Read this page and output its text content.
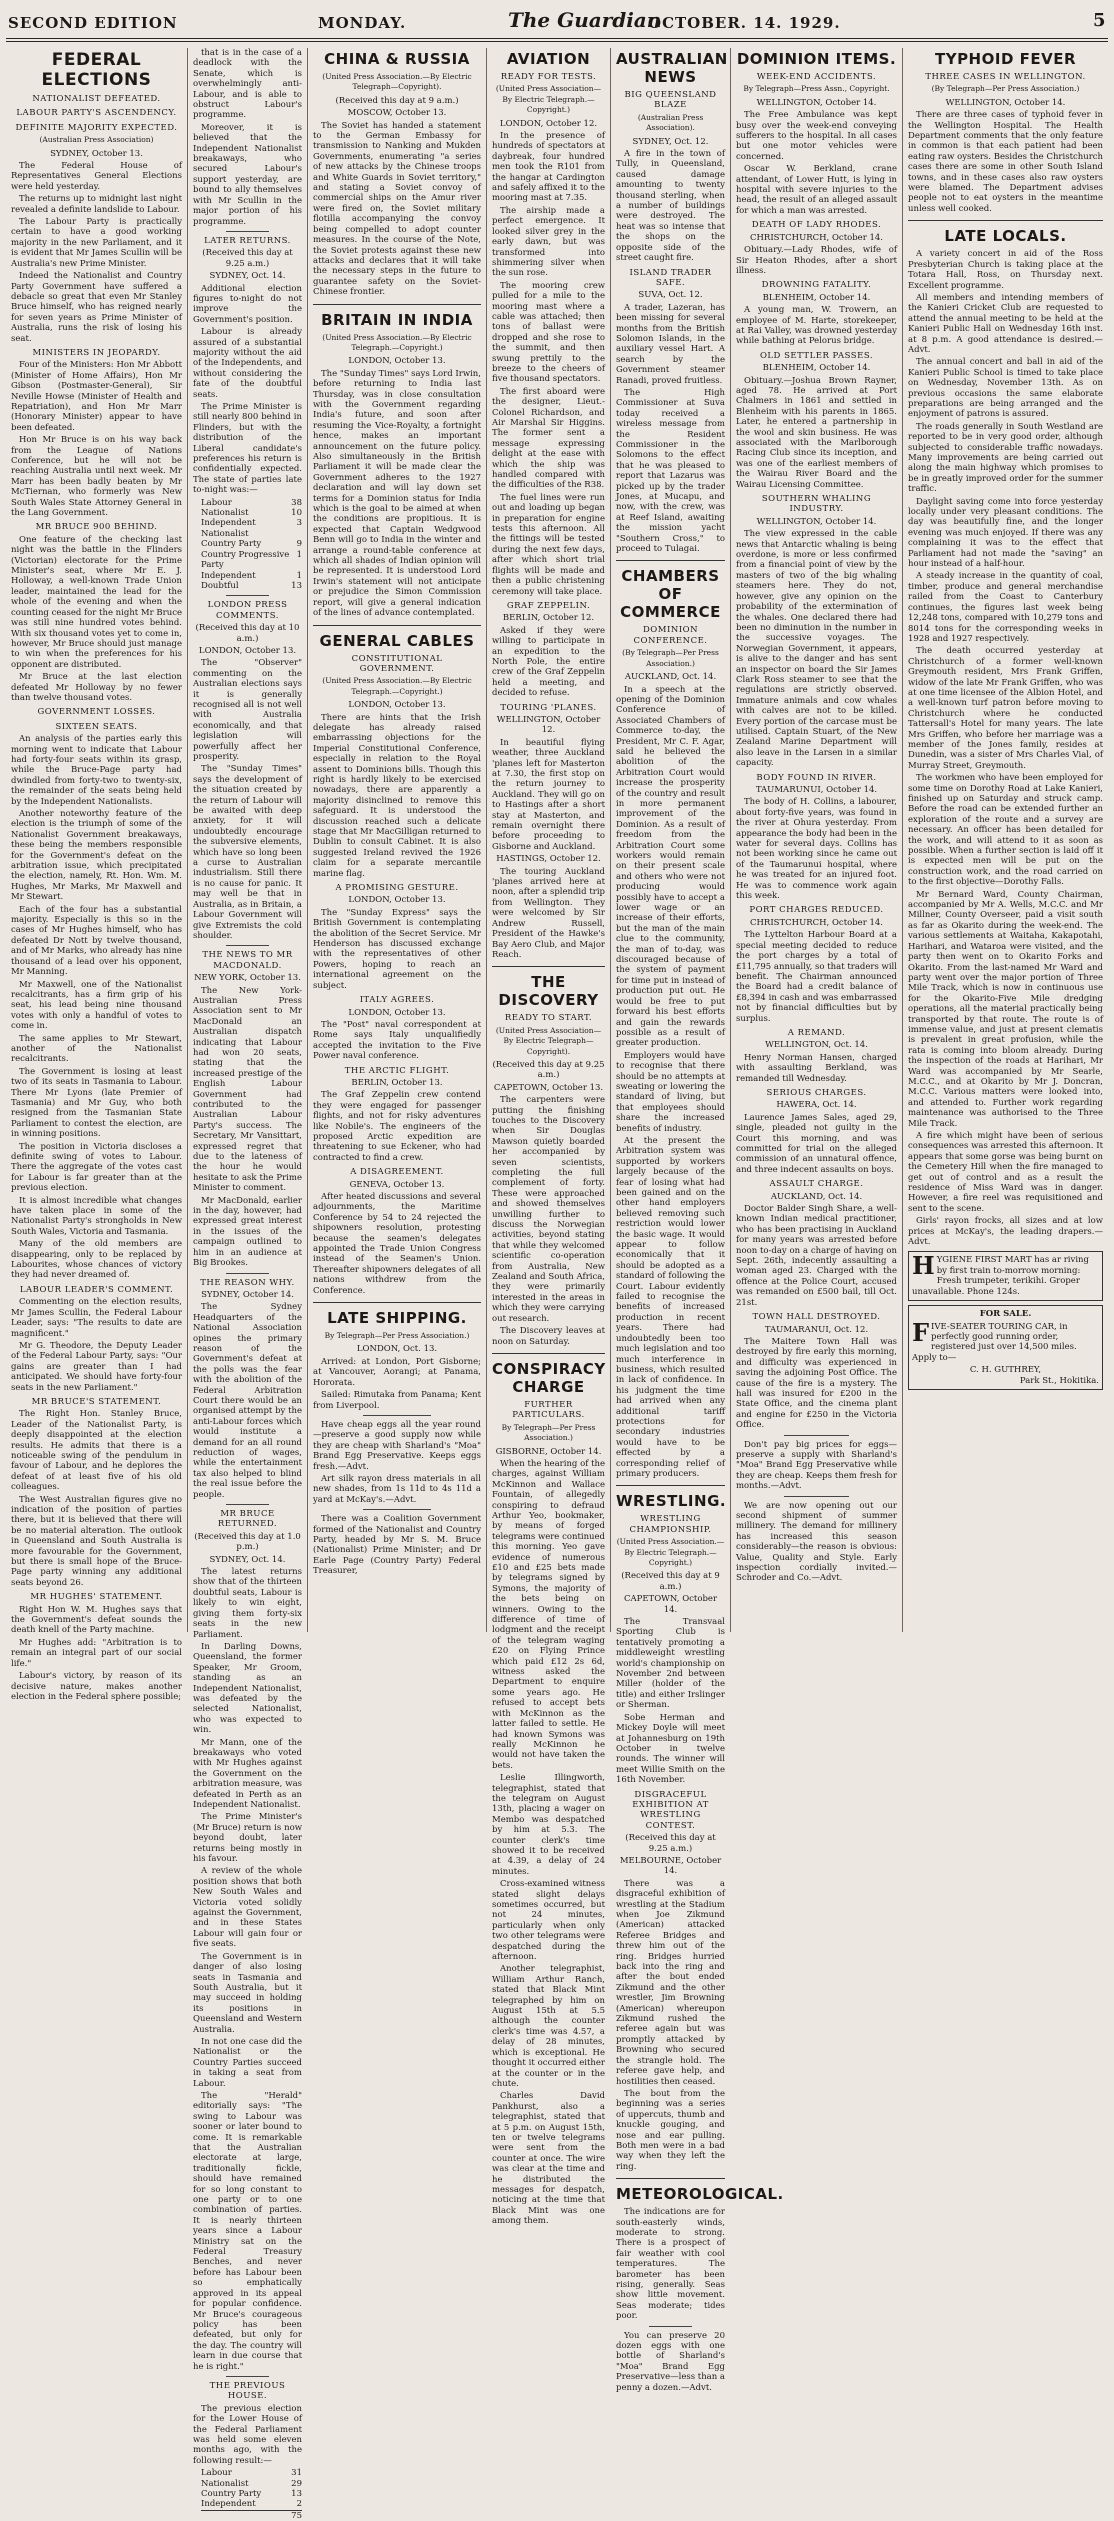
SECOND EDITION	MONDAY.	The Guardian
OCTOBER. 14. 1929.	5
FEDERAL ELECTIONS
NATIONALIST DEFEATED.
LABOUR PARTY'S ASCENDENCY.
DEFINITE MAJORITY EXPECTED.

(Australian Press Association)

SYDNEY, October 13.

The Federal House of Representatives General Elections were held yesterday.

The returns up to midnight last night revealed a definite landslide to Labour.

The Labour Party is practically certain to have a good working majority in the new Parliament, and it is evident that Mr James Scullin will be Australia's new Prime Minister.

Indeed the Nationalist and Country Party Government have suffered a debacle so great that even Mr Stanley Bruce himself, who has reigned nearly for seven years as Prime Minister of Australia, runs the risk of losing his seat.

MINISTERS IN JEOPARDY.

Four of the Ministers: Hon Mr Abbott (Minister of Home Affairs), Hon Mr Gibson (Postmaster-General), Sir Neville Howse (Minister of Health and Repatriation), and Hon Mr Marr (Honorary Minister) appear to have been defeated.

Hon Mr Bruce is on his way back from the League of Nations Conference, but he will not be reaching Australia until next week. Mr Marr has been badly beaten by Mr McTiernan, who formerly was New South Wales State Attorney General in the Lang Government.

MR BRUCE 900 BEHIND.

One feature of the checking last night was the battle in the Flinders (Victorian) electorate for the Prime Minister's seat, where Mr E. J. Holloway, a well-known Trade Union leader, maintained the lead for the whole of the evening and when the counting ceased for the night Mr Bruce was still nine hundred votes behind. With six thousand votes yet to come in, however, Mr Bruce should just manage to win when the preferences for his opponent are distributed.

Mr Bruce at the last election defeated Mr Holloway by no fewer than twelve thousand votes.

GOVERNMENT LOSSES.
SIXTEEN SEATS.

An analysis of the parties early this morning went to indicate that Labour had forty-four seats within its grasp, while the Bruce-Page party had dwindled from forty-two to twenty-six, the remainder of the seats being held by the Independent Nationalists.

Another noteworthy feature of the election is the triumph of some of the Nationalist Government breakaways, these being the members responsible for the Government's defeat on the arbitration issue, which precipitated the election, namely, Rt. Hon. Wm. M. Hughes, Mr Marks, Mr Maxwell and Mr Stewart.

Each of the four has a substantial majority. Especially is this so in the cases of Mr Hughes himself, who has defeated Dr Nott by twelve thousand, and of Mr Marks, who already has nine thousand of a lead over his opponent, Mr Manning.

Mr Maxwell, one of the Nationalist recalcitrants, has a firm grip of his seat, his lead being nine thousand votes with only a handful of votes to come in.

The same applies to Mr Stewart, another of the Nationalist recalcitrants.

The Government is losing at least two of its seats in Tasmania to Labour. There Mr Lyons (late Premier of Tasmania) and Mr Guy, who both resigned from the Tasmanian State Parliament to contest the election, are in winning positions.

The position in Victoria discloses a definite swing of votes to Labour. There the aggregate of the votes cast for Labour is far greater than at the previous election.

It is almost incredible what changes have taken place in some of the Nationalist Party's strongholds in New South Wales, Victoria and Tasmania.

Many of the old members are disappearing, only to be replaced by Labourites, whose chances of victory they had never dreamed of.

LABOUR LEADER'S COMMENT.

Commenting on the election results, Mr James Scullin, the Federal Labour Leader, says: "The results to date are magnificent."

Mr G. Theodore, the Deputy Leader of the Federal Labour Party, says: "Our gains are greater than I had anticipated. We should have forty-four seats in the new Parliament."

MR BRUCE'S STATEMENT.

The Right Hon. Stanley Bruce, Leader of the Nationalist Party, is deeply disappointed at the election results. He admits that there is a noticeable swing of the pendulum in favour of Labour, and he deplores the defeat of at least five of his old colleagues.

The West Australian figures give no indication of the position of parties there, but it is believed that there will be no material alteration. The outlook in Queensland and South Australia is more favourable for the Government, but there is small hope of the Bruce-Page party winning any additional seats beyond 26.

MR HUGHES' STATEMENT.

Right Hon W. M. Hughes says that the Government's defeat sounds the death knell of the Party machine.

Mr Hughes add: "Arbitration is to remain an integral part of our social life."

Labour's victory, by reason of its decisive nature, makes another election in the Federal sphere possible;

that is in the case of a deadlock with the Senate, which is overwhelmingly anti-Labour, and is able to obstruct Labour's programme.

Moreover, it is believed that the Independent Nationalist breakaways, who secured Labour's support yesterday, are bound to ally themselves with Mr Scullin in the major portion of his programme.

LATER RETURNS.

(Received this day at 9.25 a.m.)

SYDNEY, Oct. 14.

Additional election figures to-night do not improve the Government's position.

Labour is already assured of a substantial majority without the aid of the Independents, and without considering the fate of the doubtful seats.

The Prime Minister is still nearly 800 behind in Flinders, but with the distribution of the Liberal candidate's preferences his return is confidentially expected. The state of parties late to-night was:—

Labour	38
Nationalist	10
Independent Nationalist
3
Country Party	9
Country Progressive Party
1
Independent	1
Doubtful	13
LONDON PRESS COMMENTS.

(Received this day at 10 a.m.)

LONDON, October 13.

The "Observer" commenting on the Australian elections says it is generally recognised all is not well with Australia economically, and that legislation will powerfully affect her prosperity.

The "Sunday Times" says the development of the situation created by the return of Labour will be awaited with deep anxiety, for it will undoubtedly encourage the subversive elements, which have so long been a curse to Australian industrialism. Still there is no cause for panic. It may well be that in Australia, as in Britain, a Labour Government will give Extremists the cold shoulder.

THE NEWS TO MR MACDONALD.

NEW YORK, October 13.

The New York-Australian Press Association sent to Mr MacDonald an Australian dispatch indicating that Labour had won 20 seats, stating that the increased prestige of the English Labour Government had contributed to the Australian Labour Party's success. The Secretary, Mr Vansittart, expressed regret that due to the lateness of the hour he would hesitate to ask the Prime Minister to comment.

Mr MacDonald, earlier in the day, however, had expressed great interest in the issues of the campaign outlined to him in an audience at Big Brookes.

THE REASON WHY.

SYDNEY, October 14.

The Sydney Headquarters of the National Association opines the primary reason of the Government's defeat at the polls was the fear with the abolition of the Federal Arbitration Court there would be an organised attempt by the anti-Labour forces which would institute a demand for an all round reduction of wages, while the entertainment tax also helped to blind the real issue before the people.

MR BRUCE RETURNED.

(Received this day at 1.0 p.m.)

SYDNEY, Oct. 14.

The latest returns show that of the thirteen doubtful seats, Labour is likely to win eight, giving them forty-six seats in the new Parliament.

In Darling Downs, Queensland, the former Speaker, Mr Groom, standing as an Independent Nationalist, was defeated by the selected Nationalist, who was expected to win.

Mr Mann, one of the breakaways who voted with Mr Hughes against the Government on the arbitration measure, was defeated in Perth as an Independent Nationalist.

The Prime Minister's (Mr Bruce) return is now beyond doubt, later returns being mostly in his favour.

A review of the whole position shows that both New South Wales and Victoria voted solidly against the Government, and in these States Labour will gain four or five seats.

The Government is in danger of also losing seats in Tasmania and South Australia, but it may succeed in holding its positions in Queensland and Western Australia.

In not one case did the Nationalist or the Country Parties succeed in taking a seat from Labour.

The "Herald" editorially says: "The swing to Labour was sooner or later bound to come. It is remarkable that the Australian electorate at large, traditionally fickle, should have remained for so long constant to one party or to one combination of parties. It is nearly thirteen years since a Labour Ministry sat on the Federal Treasury Benches, and never before has Labour been so emphatically approved in its appeal for popular confidence. Mr Bruce's courageous policy has been defeated, but only for the day. The country will learn in due course that he is right."

THE PREVIOUS HOUSE.

The previous election for the Lower House of the Federal Parliament was held some eleven months ago, with the following result:—

Labour	31
Nationalist	29
Country Party	13
Independent	2
75
CHINA & RUSSIA

(United Press Association.—By Electric Telegraph—Copyright).

(Received this day at 9 a.m.)

MOSCOW, October 13.

The Soviet has handed a statement to the German Embassy for transmission to Nanking and Mukden Governments, enumerating "a series of new attacks by the Chinese troops and White Guards in Soviet territory," and stating a Soviet convoy of commercial ships on the Amur river were fired on, the Soviet military flotilla accompanying the convoy being compelled to adopt counter measures. In the course of the Note, the Soviet protests against these new attacks and declares that it will take the necessary steps in the future to guarantee safety on the Soviet-Chinese frontier.

BRITAIN IN INDIA

(United Press Association.—By Electric Telegraph.—Copyright.)

LONDON, October 13.

The "Sunday Times" says Lord Irwin, before returning to India last Thursday, was in close consultation with the Government regarding India's future, and soon after resuming the Vice-Royalty, a fortnight hence, makes an important announcement on the future policy. Also simultaneously in the British Parliament it will be made clear the Government adheres to the 1927 declaration and will lay down set terms for a Dominion status for India which is the goal to be aimed at when the conditions are propitious. It is expected that Captain Wedgwood Benn will go to India in the winter and arrange a round-table conference at which all shades of Indian opinion will be represented. It is understood Lord Irwin's statement will not anticipate or prejudice the Simon Commission report, will give a general indication of the lines of advance contemplated.

GENERAL CABLES
CONSTITUTIONAL GOVERNMENT.

(United Press Association.—By Electric Telegraph.—Copyright.)

LONDON, October 13.

There are hints that the Irish delegate has already raised embarrassing objections for the Imperial Constitutional Conference, especially in relation to the Royal assent to Dominions bills. Though this right is hardly likely to be exercised nowadays, there are apparently a majority disinclined to remove this safeguard. It is understood the discussion reached such a delicate stage that Mr MacGilligan returned to Dublin to consult Cabinet. It is also suggested Ireland revived the 1926 claim for a separate mercantile marine flag.

A PROMISING GESTURE.

LONDON, October 13.

The "Sunday Express" says the British Government is contemplating the abolition of the Secret Service. Mr Henderson has discussed exchange with the representatives of other Powers, hoping to reach an international agreement on the subject.

ITALY AGREES.

LONDON, October 13.

The "Post" naval correspondent at Rome says Italy unqualifiedly accepted the invitation to the Five Power naval conference.

THE ARCTIC FLIGHT.

BERLIN, October 13.

The Graf Zeppelin crew contend they were engaged for passenger flights, and not for risky adventures like Nobile's. The engineers of the proposed Arctic expedition are threatening to sue Eckener, who had contracted to find a crew.

A DISAGREEMENT.

GENEVA, October 13.

After heated discussions and several adjournments, the Maritime Conference by 54 to 24 rejected the shipowners resolution, protesting because the seamen's delegates appointed the Trade Union Congress instead of the Seamen's Union. Thereafter shipowners delegates of all nations withdrew from the Conference.

LATE SHIPPING.

By Telegraph—Per Press Association.)

LONDON, Oct. 13.

Arrived: at London, Port Gisborne; at Vancouver, Aorangi; at Panama, Hororata.

Sailed: Rimutaka from Panama; Kent from Liverpool.

Have cheap eggs all the year round—preserve a good supply now while they are cheap with Sharland's "Moa" Brand Egg Preservative. Keeps eggs fresh.—Advt.

Art silk rayon dress materials in all new shades, from 1s 11d to 4s 11d a yard at McKay's.—Advt.

There was a Coalition Government formed of the Nationalist and Country Party, headed by Mr S. M. Bruce (Nationalist) Prime Minister; and Dr Earle Page (Country Party) Federal Treasurer,

AVIATION
READY FOR TESTS.

(United Press Association—By Electric Telegraph.—Copyright.)

LONDON, October 12.

In the presence of hundreds of spectators at daybreak, four hundred men took the R101 from the hangar at Cardington and safely affixed it to the mooring mast at 7.35.

The airship made a perfect emergence. It looked silver grey in the early dawn, but was transformed into shimmering silver when the sun rose.

The mooring crew pulled for a mile to the mooring mast where a cable was attached; then tons of ballast were dropped and she rose to the summit, and then swung prettily to the breeze to the cheers of five thousand spectators.

The first aboard were the designer, Lieut.-Colonel Richardson, and Air Marshal Sir Higgins. The former sent a message expressing delight at the ease with which the ship was handled compared with the difficulties of the R38.

The fuel lines were run out and loading up began in preparation for engine tests this afternoon. All the fittings will be tested during the next few days, after which short trial flights will be made and then a public christening ceremony will take place.

GRAF ZEPPELIN.

BERLIN, October 12.

Asked if they were willing to participate in an expedition to the North Pole, the entire crew of the Graf Zeppelin held a meeting, and decided to refuse.

TOURING 'PLANES.

WELLINGTON, October 12.

In beautiful flying weather, three Auckland 'planes left for Masterton at 7.30, the first stop on the return journey to Auckland. They will go on to Hastings after a short stay at Masterton, and remain overnight there before proceeding to Gisborne and Auckland.

HASTINGS, October 12.

The touring Auckland 'planes arrived here at noon, after a splendid trip from Wellington. They were welcomed by Sir Andrew Russell, President of the Hawke's Bay Aero Club, and Major Reach.

THE DISCOVERY
READY TO START.

(United Press Association—By Electric Telegraph—Copyright).

(Received this day at 9.25 a.m.)

CAPETOWN, October 13.

The carpenters were putting the finishing touches to the Discovery when Sir Douglas Mawson quietly boarded her accompanied by seven scientists, completing the full complement of forty. These were approached and showed themselves unwilling further to discuss the Norwegian activities, beyond stating that while they welcomed scientific co-operation from Australia, New Zealand and South Africa, they were primarily interested in the areas in which they were carrying out research.

The Discovery leaves at noon on Saturday.

CONSPIRACY CHARGE
FURTHER PARTICULARS.

By Telegraph—Per Press Association.)

GISBORNE, October 14.

When the hearing of the charges, against William McKinnon and Wallace Fountain, of allegedly conspiring to defraud Arthur Yeo, bookmaker, by means of forged telegrams were continued this morning. Yeo gave evidence of numerous £10 and £25 bets made by telegrams signed by Symons, the majority of the bets being on winners. Owing to the difference of time of lodgment and the receipt of the telegram waging £20 on Flying Prince which paid £12 2s 6d, witness asked the Department to enquire some years ago. He refused to accept bets with McKinnon as the latter failed to settle. He had known Symons was really McKinnon he would not have taken the bets.

Leslie Illingworth, telegraphist, stated that the telegram on August 13th, placing a wager on Membo was despatched by him at 5.3. The counter clerk's time showed it to be received at 4.39, a delay of 24 minutes.

Cross-examined witness stated slight delays sometimes occurred, but not 24 minutes, particularly when only two other telegrams were despatched during the afternoon.

Another telegraphist, William Arthur Ranch, stated that Black Mint telegraphed by him on August 15th at 5.5 although the counter clerk's time was 4.57, a delay of 28 minutes, which is exceptional. He thought it occurred either at the counter or in the chute.

Charles David Pankhurst, also a telegraphist, stated that at 5 p.m. on August 15th, ten or twelve telegrams were sent from the counter at once. The wire was clear at the time and he distributed the messages for despatch, noticing at the time that Black Mint was one among them.

AUSTRALIAN NEWS
BIG QUEENSLAND BLAZE

(Australian Press Association).

SYDNEY, Oct. 12.

A fire in the town of Tully, in Queensland, caused damage amounting to twenty thousand sterling, when a number of buildings were destroyed. The heat was so intense that the shops on the opposite side of the street caught fire.

ISLAND TRADER SAFE.

SUVA, Oct. 12.

A trader, Lazeran, has been missing for several months from the British Solomon Islands, in the auxiliary vessel Hart. A search by the Government steamer Ranadi, proved fruitless.

The High Commissioner at Suva today received a wireless message from the Resident Commissioner in the Solomons to the effect that he was pleased to report that Lazarus was picked up by the trader Jones, at Mucapu, and now, with the crew, was at Reef Island, awaiting the mission yacht "Southern Cross," to proceed to Tulagai.

CHAMBERS OF COMMERCE
DOMINION CONFERENCE.

(By Telegraph—Per Press Association.)

AUCKLAND, Oct. 14.

In a speech at the opening of the Dominion Conference of Associated Chambers of Commerce to-day, the President, Mr C. F. Agar, said he believed the abolition of the Arbitration Court would increase the prosperity of the country and result in more permanent improvement of the Dominion. As a result of freedom from the Arbitration Court some workers would remain on their present scale and others who were not producing would possibly have to accept a lower wage or an increase of their efforts, but the man of the main clue to the community, the man of to-day, was discouraged because of the system of payment for time put in instead of production put out. He would be free to put forward his best efforts and gain the rewards possible as a result of greater production.

Employers would have to recognise that there should be no attempts at sweating or lowering the standard of living, but that employees should share the increased benefits of industry.

At the present the Arbitration system was supported by workers largely because of the fear of losing what had been gained and on the other hand employers believed removing such restriction would lower the basic wage. It would appear to follow economically that it should be adopted as a standard of following the Court. Labour evidently failed to recognise the benefits of increased production in recent years. There had undoubtedly been too much legislation and too much interference in business, which resulted in lack of confidence. In his judgment the time had arrived when any additional tariff protections for secondary industries would have to be effected by a corresponding relief of primary producers.

WRESTLING.
WRESTLING CHAMPIONSHIP.

(United Press Association.—By Electric Telegraph.—Copyright.)

(Received this day at 9 a.m.)

CAPETOWN, October 14.

The Transvaal Sporting Club is tentatively promoting a middleweight wrestling world's championship on November 2nd between Miller (holder of the title) and either Irslinger or Sherman.

Sobe Herman and Mickey Doyle will meet at Johannesburg on 19th October in twelve rounds. The winner will meet Willie Smith on the 16th November.

DISGRACEFUL EXHIBITION AT WRESTLING CONTEST.

(Received this day at 9.25 a.m.)

MELBOURNE, October 14.

There was a disgraceful exhibition of wrestling at the Stadium when Joe Zikmund (American) attacked Referee Bridges and threw him out of the ring. Bridges hurried back into the ring and after the bout ended Zikmund and the other wrestler, Jim Browning (American) whereupon Zikmund rushed the referee again but was promptly attacked by Browning who secured the strangle hold. The referee gave help, and hostilities then ceased.

The bout from the beginning was a series of uppercuts, thumb and knuckle gouging, and nose and ear pulling. Both men were in a bad way when they left the ring.

METEOROLOGICAL.

The indications are for south-easterly winds, moderate to strong. There is a prospect of fair weather with cool temperatures. The barometer has been rising, generally. Seas show little movement. Seas moderate; tides poor.

You can preserve 20 dozen eggs with one bottle of Sharland's "Moa" Brand Egg Preservative—less than a penny a dozen.—Advt.

DOMINION ITEMS.
WEEK-END ACCIDENTS.

By Telegraph—Press Assn., Copyright.

WELLINGTON, October 14.

The Free Ambulance was kept busy over the week-end conveying sufferers to the hospital. In all cases but one motor vehicles were concerned.

Oscar W. Berkland, crane attendant, of Lower Hutt, is lying in hospital with severe injuries to the head, the result of an alleged assault for which a man was arrested.

DEATH OF LADY RHODES.

CHRISTCHURCH, October 14.

Obituary.—Lady Rhodes, wife of Sir Heaton Rhodes, after a short illness.

DROWNING FATALITY.

BLENHEIM, October 14.

A young man, W. Trowern, an employee of M. Harte, storekeeper, at Rai Valley, was drowned yesterday while bathing at Pelorus bridge.

OLD SETTLER PASSES.

BLENHEIM, October 14.

Obituary.—Joshua Brown Rayner, aged 78. He arrived at Port Chalmers in 1861 and settled in Blenheim with his parents in 1865. Later, he entered a partnership in the wool and skin business. He was associated with the Marlborough Racing Club since its inception, and was one of the earliest members of the Wairau River Board and the Wairau Licensing Committee.

SOUTHERN WHALING INDUSTRY.

WELLINGTON, October 14.

The view expressed in the cable news that Antarctic whaling is being overdone, is more or less confirmed from a financial point of view by the masters of two of the big whaling steamers here. They do not, however, give any opinion on the probability of the extermination of the whales. One declared there had been no diminution in the number in the successive voyages. The Norwegian Government, it appears, is alive to the danger and has sent an inspector on board the Sir James Clark Ross steamer to see that the regulations are strictly observed. Immature animals and cow whales with calves are not to be killed. Every portion of the carcase must be utilised. Captain Stuart, of the New Zealand Marine Department will also leave in the Larsen in a similar capacity.

BODY FOUND IN RIVER.

TAUMARUNUI, October 14.

The body of H. Collins, a labourer, about forty-five years, was found in the river at Ohura yesterday. From appearance the body had been in the water for several days. Collins has not been working since he came out of the Taumarunui hospital, where he was treated for an injured foot. He was to commence work again this week.

PORT CHARGES REDUCED.

CHRISTCHURCH, October 14.

The Lyttelton Harbour Board at a special meeting decided to reduce the port charges by a total of £11,795 annually, so that traders will benefit. The Chairman announced the Board had a credit balance of £8,394 in cash and was embarrassed not by financial difficulties but by surplus.

A REMAND.

WELLINGTON, Oct. 14.

Henry Norman Hansen, charged with assaulting Berkland, was remanded till Wednesday.

SERIOUS CHARGES.

HAWERA, Oct. 14.

Laurence James Sales, aged 29, single, pleaded not guilty in the Court this morning, and was committed for trial on the alleged commission of an unnatural offence, and three indecent assaults on boys.

ASSAULT CHARGE.

AUCKLAND, Oct. 14.

Doctor Balder Singh Share, a well-known Indian medical practitioner, who has been practising in Auckland for many years was arrested before noon to-day on a charge of having on Sept. 26th, indecently assaulting a woman aged 23. Charged with the offence at the Police Court, accused was remanded on £500 bail, till Oct. 21st.

TOWN HALL DESTROYED.

TAUMARANUI, Oct. 12.

The Maitere Town Hall was destroyed by fire early this morning, and difficulty was experienced in saving the adjoining Post Office. The cause of the fire is a mystery. The hall was insured for £200 in the State Office, and the cinema plant and engine for £250 in the Victoria Office.

Don't pay big prices for eggs—preserve a supply with Sharland's "Moa" Brand Egg Preservative while they are cheap. Keeps them fresh for months.—Advt.

We are now opening out our second shipment of summer millinery. The demand for millinery has increased this season considerably—the reason is obvious: Value, Quality and Style. Early inspection cordially invited.—Schroder and Co.—Advt.

TYPHOID FEVER
THREE CASES IN WELLINGTON.

(By Telegraph—Per Press Association.)

WELLINGTON, October 14.

There are three cases of typhoid fever in the Wellington Hospital. The Health Department comments that the only feature in common is that each patient had been eating raw oysters. Besides the Christchurch cases there are some in other South Island towns, and in these cases also raw oysters were blamed. The Department advises people not to eat oysters in the meantime unless well cooked.

LATE LOCALS.

A variety concert in aid of the Ross Presbyterian Church is taking place at the Totara Hall, Ross, on Thursday next. Excellent programme.

All members and intending members of the Kanieri Cricket Club are requested to attend the annual meeting to be held at the Kanieri Public Hall on Wednesday 16th inst. at 8 p.m. A good attendance is desired.—Advt.

The annual concert and ball in aid of the Kanieri Public School is timed to take place on Wednesday, November 13th. As on previous occasions the same elaborate preparations are being arranged and the enjoyment of patrons is assured.

The roads generally in South Westland are reported to be in very good order, although subjected to considerable traffic nowadays. Many improvements are being carried out along the main highway which promises to be in greatly improved order for the summer traffic.

Daylight saving come into force yesterday locally under very pleasant conditions. The day was beautifully fine, and the longer evening was much enjoyed. If there was any complaining it was to the effect that Parliament had not made the "saving" an hour instead of a half-hour.

A steady increase in the quantity of coal, timber, produce and general merchandise railed from the Coast to Canterbury continues, the figures last week being 12,248 tons, compared with 10,279 tons and 8014 tons for the corresponding weeks in 1928 and 1927 respectively.

The death occurred yesterday at Christchurch of a former well-known Greymouth resident, Mrs Frank Griffen, widow of the late Mr Frank Griffen, who was at one time licensee of the Albion Hotel, and a well-known turf patron before moving to Christchurch where he conducted Tattersall's Hotel for many years. The late Mrs Griffen, who before her marriage was a member of the Jones family, resides at Dunedin, was a sister of Mrs Charles Vial, of Murray Street, Greymouth.

The workmen who have been employed for some time on Dorothy Road at Lake Kanieri, finished up on Saturday and struck camp. Before the road can be extended further an exploration of the route and a survey are necessary. An officer has been detailed for the work, and will attend to it as soon as possible. When a further section is laid off it is expected men will be put on the construction work, and the road carried on to the first objective—Dorothy Falls.

Mr Bernard Ward, County Chairman, accompanied by Mr A. Wells, M.C.C. and Mr Millner, County Overseer, paid a visit south as far as Okarito during the week-end. The various settlements at Waitaha, Kakapotahi, Harihari, and Wataroa were visited, and the party then went on to Okarito Forks and Okarito. From the last-named Mr Ward and party went over the major portion of Three Mile Track, which is now in continuous use for the Okarito-Five Mile dredging operations, all the material practically being transported by that route. The route is of immense value, and just at present clematis is prevalent in great profusion, while the rata is coming into bloom already. During the inspection of the roads at Harihari, Mr Ward was accompanied by Mr Searle, M.C.C., and at Okarito by Mr J. Doncran, M.C.C. Various matters were looked into, and attended to. Further work regarding maintenance was authorised to the Three Mile Track.

A fire which might have been of serious consequences was arrested this afternoon. It appears that some gorse was being burnt on the Cemetery Hill when the fire managed to get out of control and as a result the residence of Miss Ward was in danger. However, a fire reel was requisitioned and sent to the scene.

Girls' rayon frocks, all sizes and at low prices at McKay's, the leading drapers.—Advt.

H YGIENE FIRST MART has ar riving by first train to-morrow morning: Fresh trumpeter, terikihi. Groper unavailable. Phone 124s.
FOR SALE.
F IVE-SEATER TOURING CAR, in perfectly good running order, registered just over 14,500 miles. Apply to—
C. H. GUTHREY,
Park St., Hokitika.
